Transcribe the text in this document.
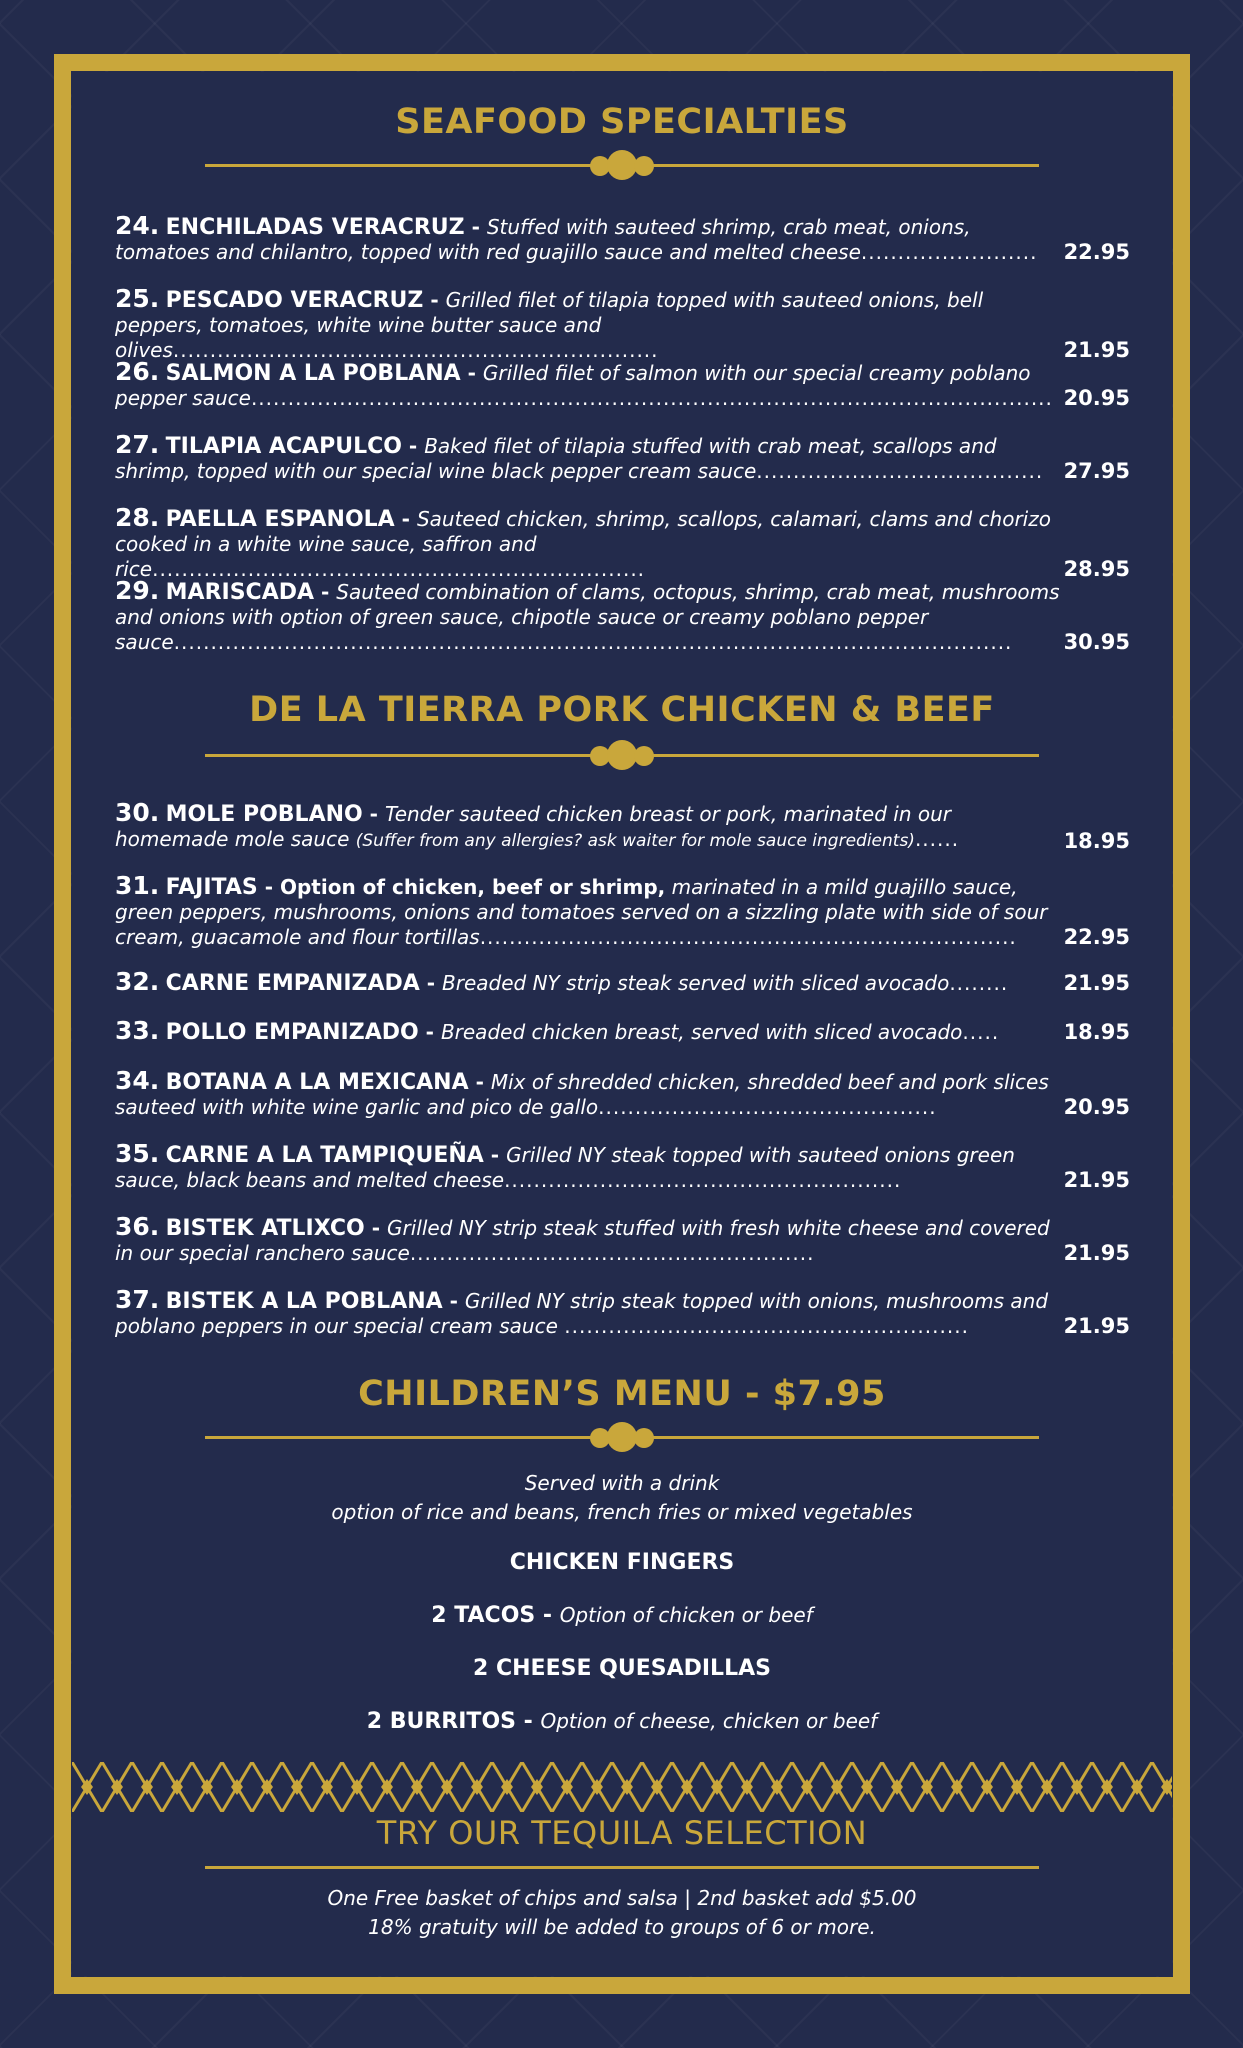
SEAFOOD SPECIALTIES
24. ENCHILADAS VERACRUZ - Stuffed with sauteed shrimp, crab meat, onions, tomatoes and chilantro, topped with red guajillo sauce and melted cheese........................	22.95
25. PESCADO VERACRUZ - Grilled filet of tilapia topped with sauteed onions, bell peppers, tomatoes, white wine butter sauce and olives..................................................................	21.95
26. SALMON A LA POBLANA - Grilled filet of salmon with our special creamy poblano pepper sauce............................................................................................................. 20.95
27. TILAPIA ACAPULCO - Baked filet of tilapia stuffed with crab meat, scallops and shrimp, topped with our special wine black pepper cream sauce....................................... 27.95
28. PAELLA ESPANOLA - Sauteed chicken, shrimp, scallops, calamari, clams and chorizo cooked in a white wine sauce, saffron and rice...................................................................	28.95
29. MARISCADA - Sauteed combination of clams, octopus, shrimp, crab meat, mushrooms and onions with option of green sauce, chipotle sauce or creamy poblano pepper sauce..................................................................................................................	30.95
DE LA TIERRA PORK CHICKEN & BEEF
30. MOLE POBLANO - Tender sauteed chicken breast or pork, marinated in our homemade mole sauce (Suffer from any allergies? ask waiter for mole sauce ingredients)......	18.95
31. FAJITAS - Option of chicken, beef or shrimp, marinated in a mild guajillo sauce, green peppers, mushrooms, onions and tomatoes served on a sizzling plate with side of sour cream, guacamole and flour tortillas.........................................................................	22.95
32. CARNE EMPANIZADA - Breaded NY strip steak served with sliced avocado........	21.95
33. POLLO EMPANIZADO - Breaded chicken breast, served with sliced avocado.....	18.95
34. BOTANA A LA MEXICANA - Mix of shredded chicken, shredded beef and pork slices sauteed with white wine garlic and pico de gallo..............................................	20.95
35. CARNE A LA TAMPIQUEÑA - Grilled NY steak topped with sauteed onions green sauce, black beans and melted cheese......................................................	21.95
36. BISTEK ATLIXCO - Grilled NY strip steak stuffed with fresh white cheese and covered in our special ranchero sauce.......................................................	21.95
37. BISTEK A LA POBLANA - Grilled NY strip steak topped with onions, mushrooms and poblano peppers in our special cream sauce .......................................................	21.95
CHILDREN’S MENU - $7.95
Served with a drink
option of rice and beans, french fries or mixed vegetables
CHICKEN FINGERS
2 TACOS - Option of chicken or beef
2 CHEESE QUESADILLAS
2 BURRITOS - Option of cheese, chicken or beef
TRY OUR TEQUILA SELECTION
One Free basket of chips and salsa | 2nd basket add $5.00
18% gratuity will be added to groups of 6 or more.
